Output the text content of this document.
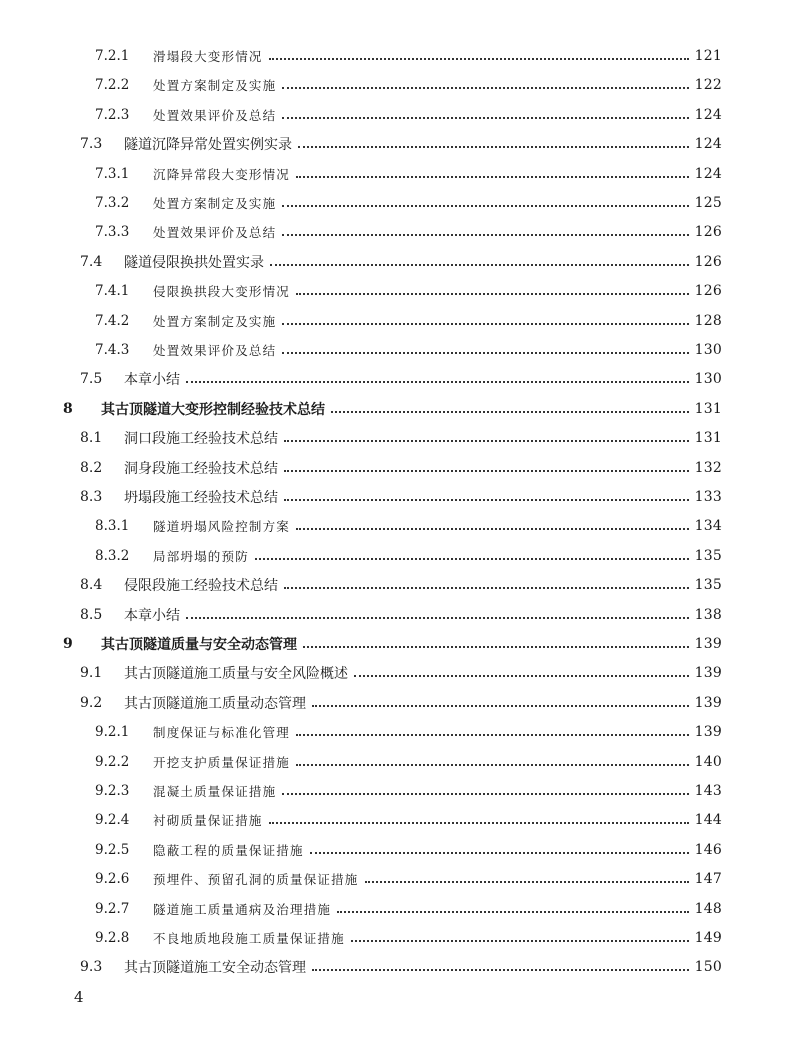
7.2.1	滑塌段大变形情况	121
7.2.2	处置方案制定及实施	122
7.2.3	处置效果评价及总结	124
7.3	隧道沉降异常处置实例实录	124
7.3.1	沉降异常段大变形情况	124
7.3.2	处置方案制定及实施	125
7.3.3	处置效果评价及总结	126
7.4	隧道侵限换拱处置实录	126
7.4.1	侵限换拱段大变形情况	126
7.4.2	处置方案制定及实施	128
7.4.3	处置效果评价及总结	130
7.5	本章小结	130
8	其古顶隧道大变形控制经验技术总结	131
8.1	洞口段施工经验技术总结	131
8.2	洞身段施工经验技术总结	132
8.3	坍塌段施工经验技术总结	133
8.3.1	隧道坍塌风险控制方案	134
8.3.2	局部坍塌的预防	135
8.4	侵限段施工经验技术总结	135
8.5	本章小结	138
9	其古顶隧道质量与安全动态管理	139
9.1	其古顶隧道施工质量与安全风险概述	139
9.2	其古顶隧道施工质量动态管理	139
9.2.1	制度保证与标准化管理	139
9.2.2	开挖支护质量保证措施	140
9.2.3	混凝土质量保证措施	143
9.2.4	衬砌质量保证措施	144
9.2.5	隐蔽工程的质量保证措施	146
9.2.6	预埋件、预留孔洞的质量保证措施	147
9.2.7	隧道施工质量通病及治理措施	148
9.2.8	不良地质地段施工质量保证措施	149
9.3	其古顶隧道施工安全动态管理	150
4
